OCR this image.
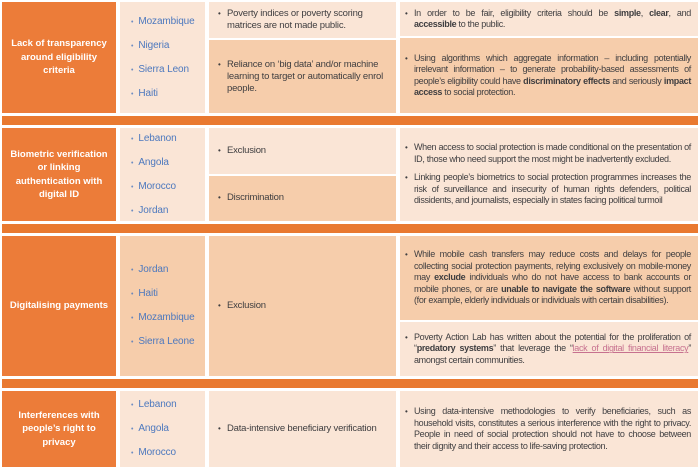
Lack of transparency around eligibility criteria
• Mozambique
• Nigeria
• Sierra Leon
• Haiti
• Poverty indices or poverty scoring matrices are not made public.
• Reliance on ‘big data’ and/or machine learning to target or automatically enrol people.
• In order to be fair, eligibility criteria should be simple, clear, and accessible to the public.
• Using algorithms which aggregate information – including potentially irrelevant information – to generate probability-based assessments of people’s eligibility could have discriminatory effects and seriously impact access to social protection.
Biometric verification or linking authentication with digital ID
• Lebanon
• Angola
• Morocco
• Jordan
• Exclusion
• Discrimination
• When access to social protection is made conditional on the presentation of ID, those who need support the most might be inadvertently excluded.
• Linking people’s biometrics to social protection programmes increases the risk of surveillance and insecurity of human rights defenders, political dissidents, and journalists, especially in states facing political turmoil
Digitalising payments
• Jordan
• Haiti
• Mozambique
• Sierra Leone
• Exclusion
• While mobile cash transfers may reduce costs and delays for people collecting social protection payments, relying exclusively on mobile-money may exclude individuals who do not have access to bank accounts or mobile phones, or are unable to navigate the software without support (for example, elderly individuals or individuals with certain disabilities).
• Poverty Action Lab has written about the potential for the proliferation of “predatory systems” that leverage the “lack of digital financial literacy” amongst certain communities.
Interferences with people’s right to privacy
• Lebanon
• Angola
• Morocco
• Data-intensive beneficiary verification
• Using data-intensive methodologies to verify beneficiaries, such as household visits, constitutes a serious interference with the right to privacy. People in need of social protection should not have to choose between their dignity and their access to life-saving protection.
